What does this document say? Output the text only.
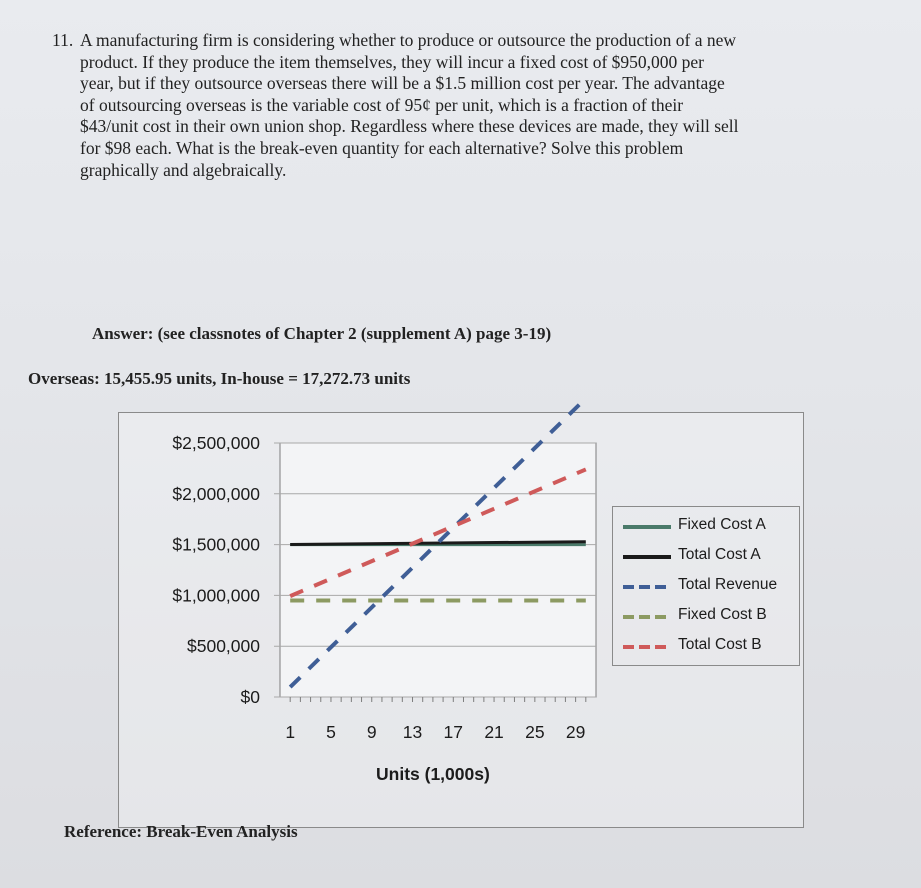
11. A manufacturing firm is considering whether to produce or outsource the production of a new
product. If they produce the item themselves, they will incur a fixed cost of $950,000 per
year, but if they outsource overseas there will be a $1.5 million cost per year. The advantage
of outsourcing overseas is the variable cost of 95¢ per unit, which is a fraction of their
$43/unit cost in their own union shop. Regardless where these devices are made, they will sell
for $98 each. What is the break-even quantity for each alternative? Solve this problem
graphically and algebraically.
Answer: (see classnotes of Chapter 2 (supplement A) page 3-19)
Overseas: 15,455.95 units, In-house = 17,272.73 units
$2,500,000
$2,000,000
$1,500,000
$1,000,000
$500,000
$0
1 5 9 13 17 21 25 29
Units (1,000s)
Fixed Cost A
Total Cost A
Total Revenue
Fixed Cost B
Total Cost B
Reference: Break-Even Analysis
